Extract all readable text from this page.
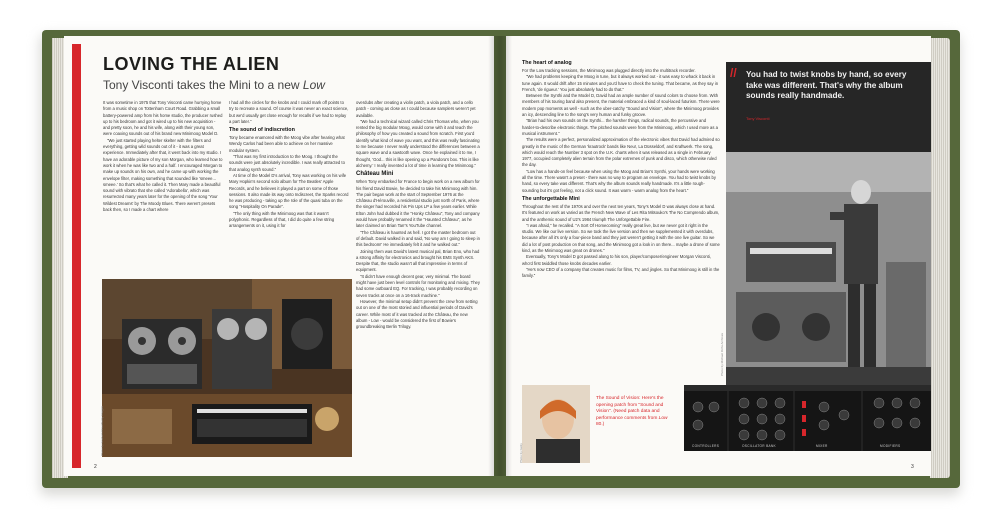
LOVING THE ALIEN
Tony Visconti takes the Mini to a new Low

It was sometime in 1975 that Tony Visconti came hurrying home from a music shop on Tottenham Court Road. Grabbing a small battery-powered amp from his home studio, the producer rushed up to his bedroom and got it wired up to his new acquisition - and pretty soon, he and his wife, along with their young son, were coaxing sounds out of his brand new Minimoog Model D.

"We just started playing helter skelter with the filters and everything, getting wild sounds out of it - it was a great experience. Immediately after that, it went back into my studio. I have an adorable picture of my son Morgan, who learned how to work it when he was like two and a half. I encouraged Morgan to make up sounds on his own, and he came up with working the envelope filter, making something that sounded like 'smeee... smeee.' So that's what he called it. Then Mary made a beautiful sound with vibrato that she called 'Adorabella', which was resurrected many years later for the opening of the song 'Your Wildest Dreams' by The Moody Blues. There weren't presets back then, so I made a chart where

I had all the circles for the knobs and I could mark off points to try to recreate a sound. Of course it was never an exact science, but we'd usually get close enough for recalls if we had to replay a part later."

The sound of indiscretion

Tony became enamored with the Moog vibe after hearing what Wendy Carlos had been able to achieve on her massive modular system.

"That was my first introduction to the Moog. I thought the sounds were just absolutely incredible. I was really attracted to that analog synth sound."

At time of the Model D's arrival, Tony was working on his wife Mary Hopkin's second solo album for The Beatles' Apple Records, and he believes it played a part on some of those sessions. It also made its way onto Indiscreet, the Sparks record he was producing - taking up the role of the quasi tuba on the song "Hospitality On Parade".

"The only thing with the Minimoog was that it wasn't polyphonic. Regardless of that, I did do quite a few string arrangements on it, using it for

overdubs after creating a violin patch, a viola patch, and a cello patch - coming as close as I could because samplers weren't yet available.

"We had a technical wizard called Chris Thomas who, when you rented the big modular Moog, would come with it and teach the philosophy of how you created a sound from scratch. First you'd identify what kind of wave you want, and this was really fascinating to me because I never really understood the differences between a square wave and a sawtooth wave. Once he explained it to me, I thought, 'God... this is like opening up a Pandora's box. This is like alchemy.' I really invented a lot of time in learning the Minimoog."

Château Mini

When Tony embarked for France to begin work on a new album for his friend David Bowie, he decided to take his Minimoog with him. The pair began work at the start of September 1976 at the Château d'Hérouville, a residential studio just north of Paris, where the singer had recorded his Pin Ups LP a few years earlier. While Elton John had dubbed it the "Honky Château", Tony and company would have probably renamed it the "Haunted Château", as he later claimed on Brian Tarr's YouTube channel.

"The Château is haunted as hell. I got the master bedroom out of default. David walked in and said, 'No way am I going to sleep in this bedroom!' He immediately felt it and he walked out."

Joining them was David's latest musical pal, Brian Eno, who had a strong affinity for electronics and brought his EMS Synth AKS. Despite that, the studio wasn't all that impressive in terms of equipment.

"It didn't have enough decent gear, very minimal. The board might have just been level controls for monitoring and mixing. They had some outboard EQ. For tracking, I was probably recording on seven tracks at once on a 16-track machine."

However, the minimal setup didn't prevent the crew from setting out on one of the most storied and influential periods of David's career. While most of it was tracked at the Château, the new album - Low - would be considered the first of Bowie's groundbreaking Berlin Trilogy.

Photo by Graham Drew/Getty Images
2
The heart of analog

For the Low tracking sessions, the Minimoog was plugged directly into the multitrack recorder.

"We had problems keeping the Moog in tune, but it always worked out - it was easy to whack it back in tune again. It would drift after 15 minutes and you'd have to check the tuning. That became, as they say in French, 'de rigueur.' You just absolutely had to do that."

Between the Synthi and the Model D, David had an ample number of sound colors to choose from. With members of his touring band also present, the material embraced a kind of soul-laced futurism. There were modern pop moments as well - such as the uber-catchy "Sound and Vision", where the Minimoog provides an icy, descending line to the song's very human and funky groove.

"Brian had his own sounds on the Synthi... the harsher things, radical sounds, the percussive and harder-to-describe electronic things. The pitched sounds were from the Minimoog, which I used more as a musical instrument."

The results were a perfect, personalized approximation of the electronic vibes that David had admired so greatly in the music of the German 'krautrock' bands like Neu!, La Düsseldorf, and Kraftwerk. The song, which would reach the Number 3 spot on the U.K. charts when it was released as a single in February 1977, occupied completely alien terrain from the polar extremes of punk and disco, which otherwise ruled the day.

"Low has a hands-on feel because when using the Moog and Brian's Synthi, your hands were working all the time. There wasn't a preset - there was no way to program an envelope. You had to twist knobs by hand, so every take was different. That's why the album sounds really handmade. It's a little rough-sounding but it's got feeling, not a click sound. It was warm - warm analog from the heart."

The unforgettable Mini

Throughout the rest of the 1970s and over the next ten years, Tony's Model D was always close at hand. It's featured on work as varied as the French New Wave of Les Rita Mitsouko's The No Comprendo album, and the anthemic sound of U2's 1984 triumph The Unforgettable Fire.

"I was afraid," he recalled. "A Sort Of Homecoming" really great live, but we never got it right in the studio. We like our live version. So we took the live version and then we supplemented it with overdubs, because after all it's only a four-piece band and they just weren't getting it with the one live guitar. So we did a lot of post production on that song, and the Minimoog got a look in on there... maybe a drone of some kind, as the Minimoog was great on drones."

Eventually, Tony's Model D got passed along to his son, player/composer/engineer Morgan Visconti, who'd first twiddled those knobs decades earlier.

"He's now CEO of a company that creates music for films, TV, and jingles. So that Minimoog is still in the family."

// You had to twist knobs by hand, so every take was different. That's why the album sounds really handmade.
Tony Visconti
Photo by Michael Ochs Archives
Photo by Getty
The Sound of Vision: Here's the opening patch from "Sound and Vision". (Need patch data and performance comments from Low 80.)
CONTROLLERS	OSCILLATOR BANK	MIXER	MODIFIERS
3
